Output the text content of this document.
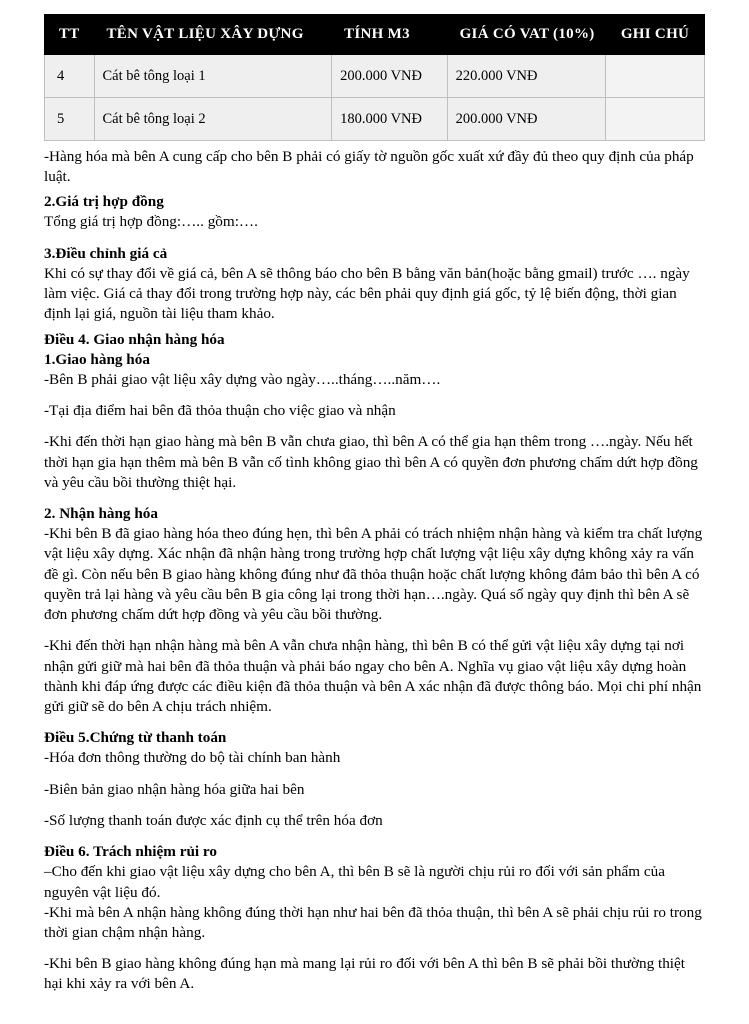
TT	TÊN VẬT LIỆU XÂY DỰNG	TÍNH M3	GIÁ CÓ VAT (10%)	GHI CHÚ
4	Cát bê tông loại 1	200.000 VNĐ	220.000 VNĐ	
5	Cát bê tông loại 2	180.000 VNĐ	200.000 VNĐ	

-Hàng hóa mà bên A cung cấp cho bên B phải có giấy tờ nguồn gốc xuất xứ đầy đủ theo quy định của pháp luật.

2.Giá trị hợp đồng

Tổng giá trị hợp đồng:….. gồm:….

3.Điều chỉnh giá cả

Khi có sự thay đổi về giá cả, bên A sẽ thông báo cho bên B bằng văn bản(hoặc bằng gmail) trước …. ngày làm việc. Giá cả thay đổi trong trường hợp này, các bên phải quy định giá gốc, tỷ lệ biến động, thời gian định lại giá, nguồn tài liệu tham khảo.

Điều 4. Giao nhận hàng hóa

1.Giao hàng hóa

-Bên B phải giao vật liệu xây dựng vào ngày…..tháng…..năm….

-Tại địa điểm hai bên đã thỏa thuận cho việc giao và nhận

-Khi đến thời hạn giao hàng mà bên B vẫn chưa giao, thì bên A có thể gia hạn thêm trong ….ngày. Nếu hết thời hạn gia hạn thêm mà bên B vẫn cố tình không giao thì bên A có quyền đơn phương chấm dứt hợp đồng và yêu cầu bồi thường thiệt hại.

2. Nhận hàng hóa

-Khi bên B đã giao hàng hóa theo đúng hẹn, thì bên A phải có trách nhiệm nhận hàng và kiểm tra chất lượng vật liệu xây dựng. Xác nhận đã nhận hàng trong trường hợp chất lượng vật liệu xây dựng không xảy ra vấn đề gì. Còn nếu bên B giao hàng không đúng như đã thỏa thuận hoặc chất lượng không đảm bảo thì bên A có quyền trả lại hàng và yêu cầu bên B gia công lại trong thời hạn….ngày. Quá số ngày quy định thì bên A sẽ đơn phương chấm dứt hợp đồng và yêu cầu bồi thường.

-Khi đến thời hạn nhận hàng mà bên A vẫn chưa nhận hàng, thì bên B có thể gửi vật liệu xây dựng tại nơi nhận gửi giữ mà hai bên đã thỏa thuận và phải báo ngay cho bên A. Nghĩa vụ giao vật liệu xây dựng hoàn thành khi đáp ứng được các điều kiện đã thỏa thuận và bên A xác nhận đã được thông báo. Mọi chi phí nhận gửi giữ sẽ do bên A chịu trách nhiệm.

Điều 5.Chứng từ thanh toán

-Hóa đơn thông thường do bộ tài chính ban hành

-Biên bản giao nhận hàng hóa giữa hai bên

-Số lượng thanh toán được xác định cụ thể trên hóa đơn

Điều 6. Trách nhiệm rủi ro

–Cho đến khi giao vật liệu xây dựng cho bên A, thì bên B sẽ là người chịu rủi ro đối với sản phẩm của nguyên vật liệu đó.

-Khi mà bên A nhận hàng không đúng thời hạn như hai bên đã thỏa thuận, thì bên A sẽ phải chịu rủi ro trong thời gian chậm nhận hàng.

-Khi bên B giao hàng không đúng hạn mà mang lại rủi ro đối với bên A thì bên B sẽ phải bồi thường thiệt hại khi xảy ra với bên A.
